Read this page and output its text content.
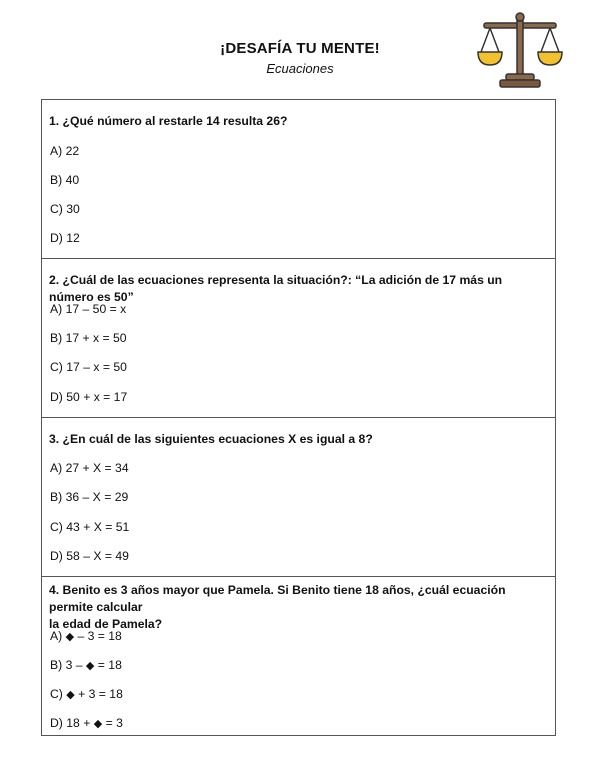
¡DESAFÍA TU MENTE!
Ecuaciones
1. ¿Qué número al restarle 14 resulta 26?
A) 22
B) 40
C) 30
D) 12
2. ¿Cuál de las ecuaciones representa la situación?: “La adición de 17 más un número es 50”
A) 17 – 50 = x
B) 17 + x = 50
C) 17 – x = 50
D) 50 + x = 17
3. ¿En cuál de las siguientes ecuaciones X es igual a 8?
A) 27 + X = 34
B) 36 – X = 29
C) 43 + X = 51
D) 58 – X = 49
4. Benito es 3 años mayor que Pamela. Si Benito tiene 18 años, ¿cuál ecuación permite calcular
la edad de Pamela?
A) ◆ – 3 = 18
B) 3 – ◆ = 18
C) ◆ + 3 = 18
D) 18 + ◆ = 3
